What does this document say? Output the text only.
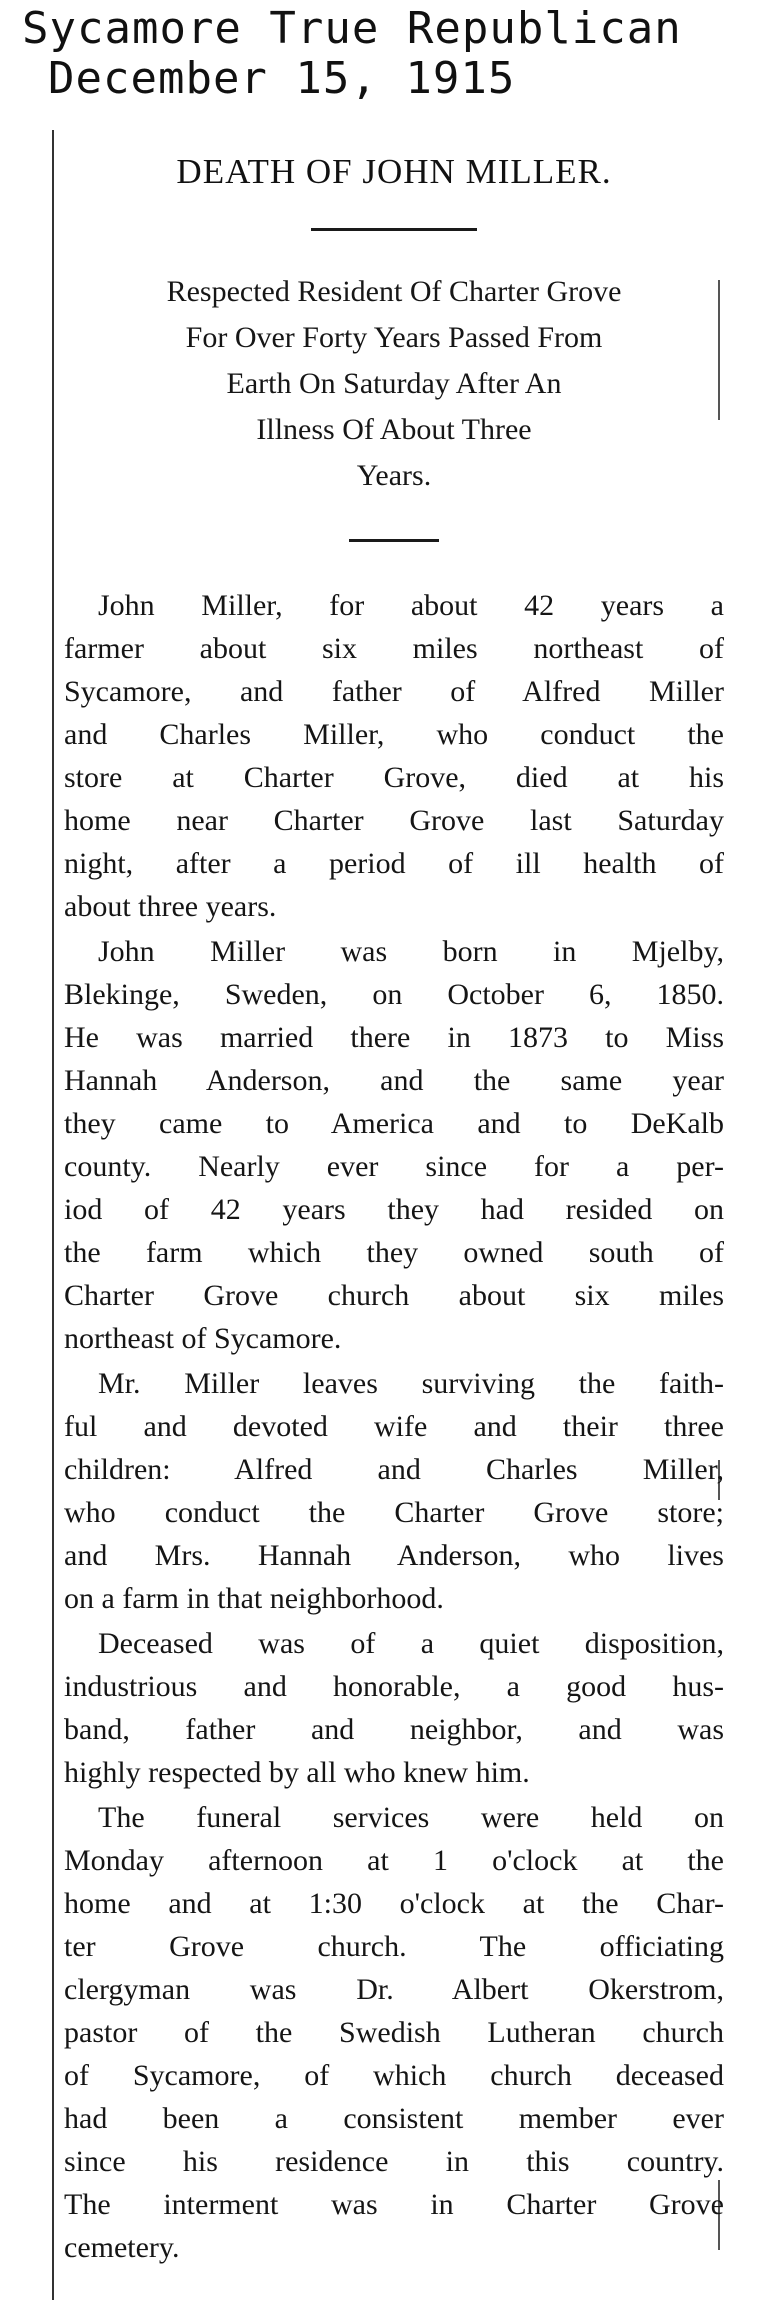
Sycamore True Republican
December 15, 1915
DEATH OF JOHN MILLER.
Respected Resident Of Charter Grove
For Over Forty Years Passed From
Earth On Saturday After An
Illness Of About Three
Years.
John Miller, for about 42 years a
farmer about six miles northeast of
Sycamore, and father of Alfred Miller
and Charles Miller, who conduct the
store at Charter Grove, died at his
home near Charter Grove last Saturday
night, after a period of ill health of
about three years.
John Miller was born in Mjelby,
Blekinge, Sweden, on October 6, 1850.
He was married there in 1873 to Miss
Hannah Anderson, and the same year
they came to America and to DeKalb
county. Nearly ever since for a per-
iod of 42 years they had resided on
the farm which they owned south of
Charter Grove church about six miles
northeast of Sycamore.
Mr. Miller leaves surviving the faith-
ful and devoted wife and their three
children: Alfred and Charles Miller,
who conduct the Charter Grove store;
and Mrs. Hannah Anderson, who lives
on a farm in that neighborhood.
Deceased was of a quiet disposition,
industrious and honorable, a good hus-
band, father and neighbor, and was
highly respected by all who knew him.
The funeral services were held on
Monday afternoon at 1 o'clock at the
home and at 1:30 o'clock at the Char-
ter Grove church. The officiating
clergyman was Dr. Albert Okerstrom,
pastor of the Swedish Lutheran church
of Sycamore, of which church deceased
had been a consistent member ever
since his residence in this country.
The interment was in Charter Grove
cemetery.
